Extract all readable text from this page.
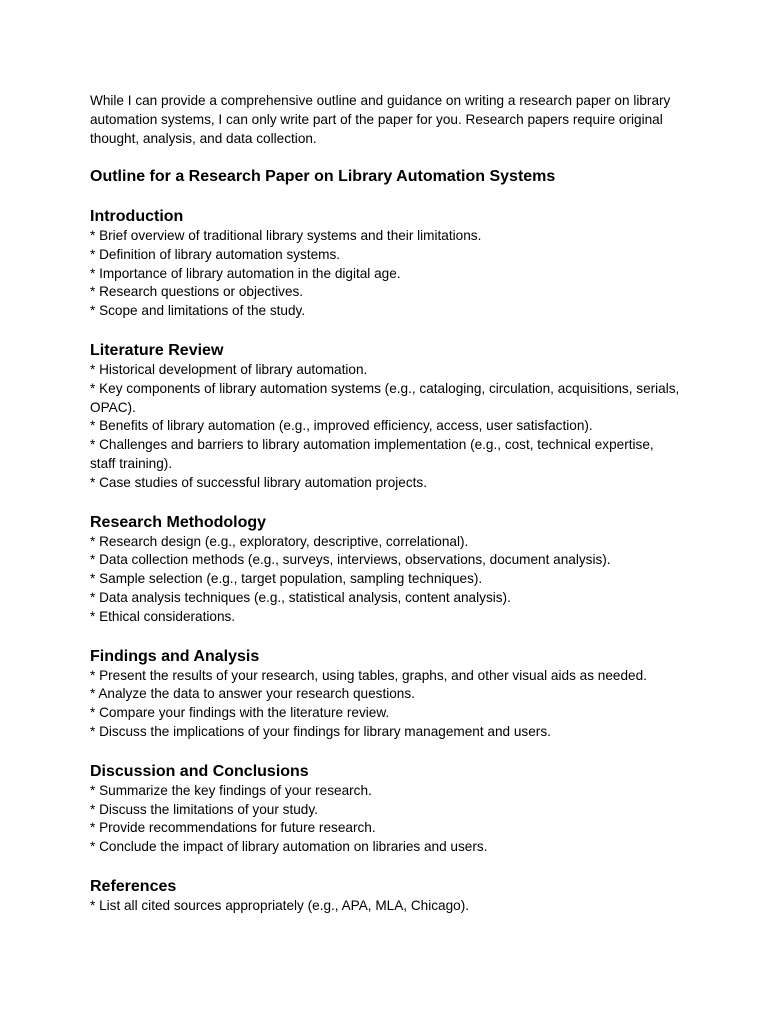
While I can provide a comprehensive outline and guidance on writing a research paper on library automation systems, I can only write part of the paper for you. Research papers require original thought, analysis, and data collection.

Outline for a Research Paper on Library Automation Systems
Introduction
* Brief overview of traditional library systems and their limitations.
* Definition of library automation systems.
* Importance of library automation in the digital age.
* Research questions or objectives.
* Scope and limitations of the study.
Literature Review
* Historical development of library automation.
* Key components of library automation systems (e.g., cataloging, circulation, acquisitions, serials, OPAC).
* Benefits of library automation (e.g., improved efficiency, access, user satisfaction).
* Challenges and barriers to library automation implementation (e.g., cost, technical expertise, staff training).
* Case studies of successful library automation projects.
Research Methodology
* Research design (e.g., exploratory, descriptive, correlational).
* Data collection methods (e.g., surveys, interviews, observations, document analysis).
* Sample selection (e.g., target population, sampling techniques).
* Data analysis techniques (e.g., statistical analysis, content analysis).
* Ethical considerations.
Findings and Analysis
* Present the results of your research, using tables, graphs, and other visual aids as needed.
* Analyze the data to answer your research questions.
* Compare your findings with the literature review.
* Discuss the implications of your findings for library management and users.
Discussion and Conclusions
* Summarize the key findings of your research.
* Discuss the limitations of your study.
* Provide recommendations for future research.
* Conclude the impact of library automation on libraries and users.
References
* List all cited sources appropriately (e.g., APA, MLA, Chicago).
